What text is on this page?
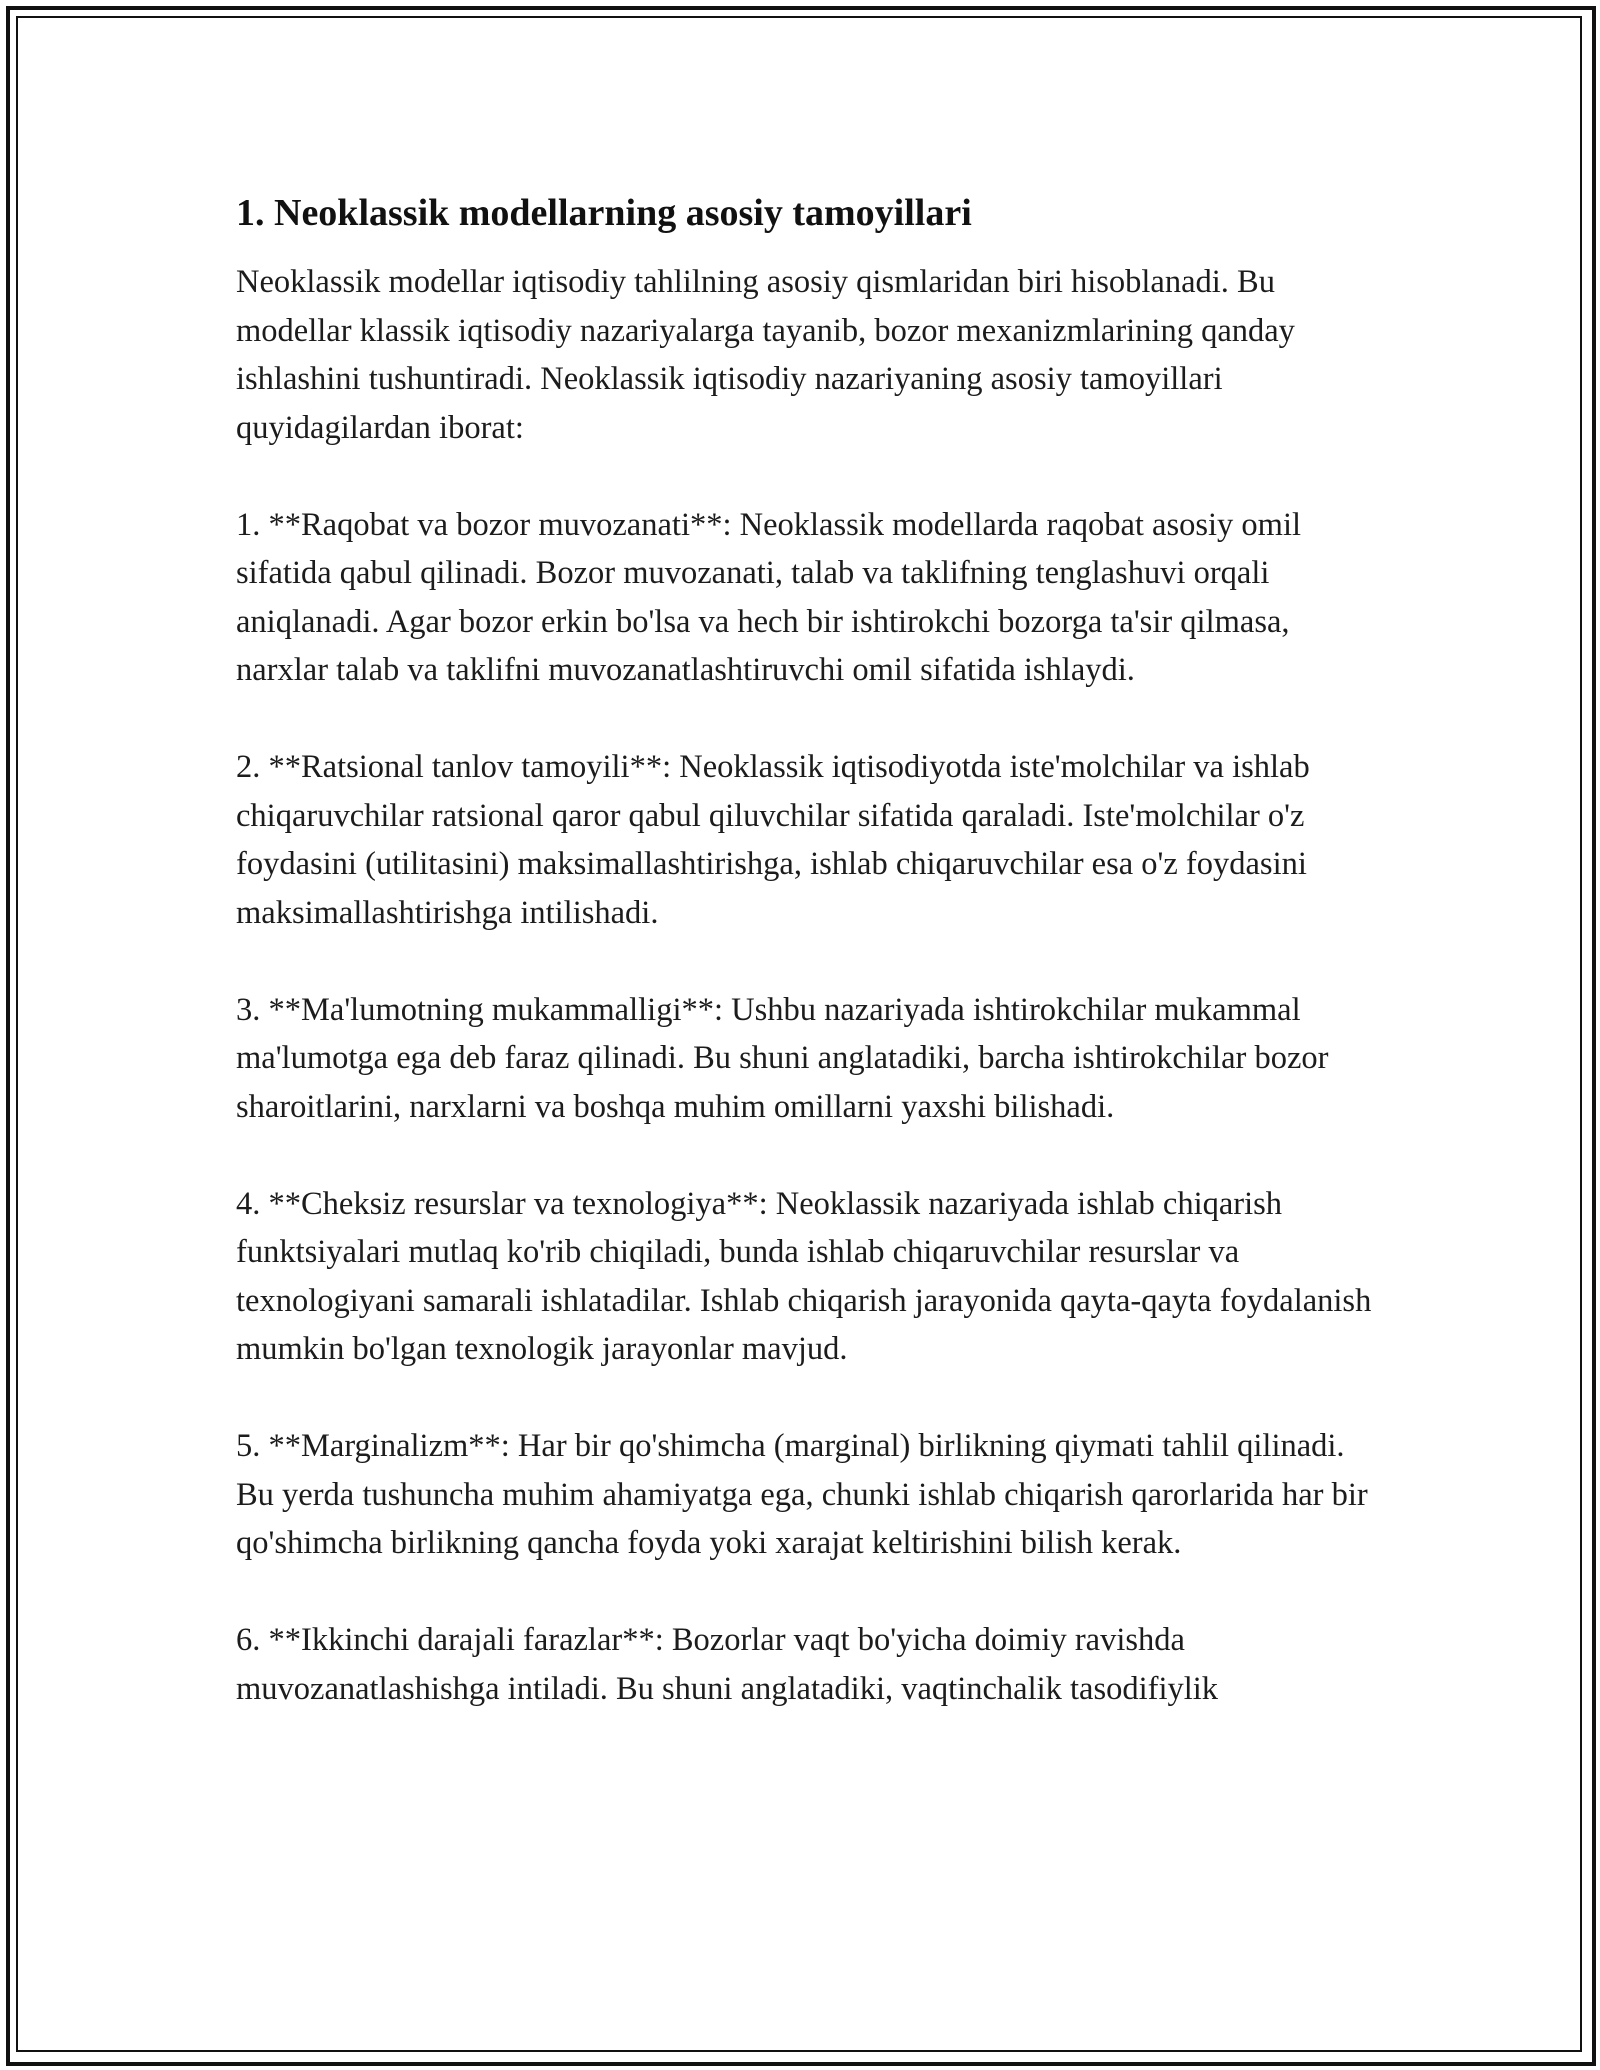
1. Neoklassik modellarning asosiy tamoyillari

Neoklassik modellar iqtisodiy tahlilning asosiy qismlaridan biri hisoblanadi. Bu modellar klassik iqtisodiy nazariyalarga tayanib, bozor mexanizmlarining qanday ishlashini tushuntiradi. Neoklassik iqtisodiy nazariyaning asosiy tamoyillari quyidagilardan iborat:

1. **Raqobat va bozor muvozanati**: Neoklassik modellarda raqobat asosiy omil sifatida qabul qilinadi. Bozor muvozanati, talab va taklifning tenglashuvi orqali aniqlanadi. Agar bozor erkin bo'lsa va hech bir ishtirokchi bozorga ta'sir qilmasa, narxlar talab va taklifni muvozanatlashtiruvchi omil sifatida ishlaydi.

2. **Ratsional tanlov tamoyili**: Neoklassik iqtisodiyotda iste'molchilar va ishlab chiqaruvchilar ratsional qaror qabul qiluvchilar sifatida qaraladi. Iste'molchilar o'z foydasini (utilitasini) maksimallashtirishga, ishlab chiqaruvchilar esa o'z foydasini maksimallashtirishga intilishadi.

3. **Ma'lumotning mukammalligi**: Ushbu nazariyada ishtirokchilar mukammal ma'lumotga ega deb faraz qilinadi. Bu shuni anglatadiki, barcha ishtirokchilar bozor sharoitlarini, narxlarni va boshqa muhim omillarni yaxshi bilishadi.

4. **Cheksiz resurslar va texnologiya**: Neoklassik nazariyada ishlab chiqarish funktsiyalari mutlaq ko'rib chiqiladi, bunda ishlab chiqaruvchilar resurslar va texnologiyani samarali ishlatadilar. Ishlab chiqarish jarayonida qayta-qayta foydalanish mumkin bo'lgan texnologik jarayonlar mavjud.

5. **Marginalizm**: Har bir qo'shimcha (marginal) birlikning qiymati tahlil qilinadi. Bu yerda tushuncha muhim ahamiyatga ega, chunki ishlab chiqarish qarorlarida har bir qo'shimcha birlikning qancha foyda yoki xarajat keltirishini bilish kerak.

6. **Ikkinchi darajali farazlar**: Bozorlar vaqt bo'yicha doimiy ravishda muvozanatlashishga intiladi. Bu shuni anglatadiki, vaqtinchalik tasodifiylik
